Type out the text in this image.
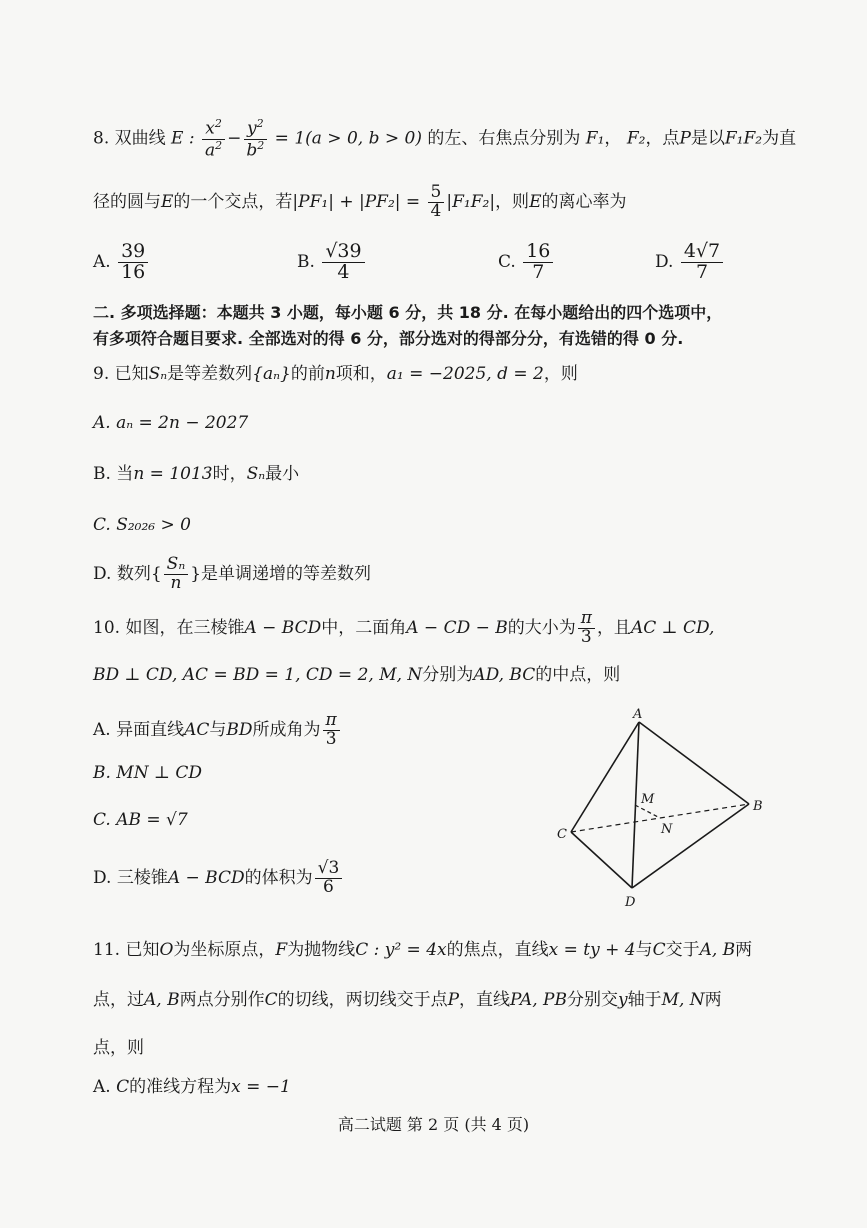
8. 双曲线 E : $\frac{x^2}{a^2} - \frac{y^2}{b^2} = 1(a > 0$, b > 0) 的左、右焦点分别为 F₁， F₂，点P是以F₁F₂为直
径的圆与E的一个交点，若$|PF_1| + |PF_2| = \frac{5}{4} |F_1F_2|$，则E的离心率为
A. $\frac{39}{16}$	B. $\frac{√39}{4}$	C. $\frac{16}{7}$	D. $\frac{4√7}{7}$
二. 多项选择题：本题共 3 小题，每小题 6 分，共 18 分. 在每小题给出的四个选项中，
有多项符合题目要求. 全部选对的得 6 分，部分选对的得部分分，有选错的得 0 分.
9. 已知Sₙ是等差数列{aₙ}的前n项和，a₁ = −2025, d = 2，则
A. aₙ = 2n − 2027
B. 当n = 1013时，Sₙ最小
C. S₂₀₂₆ > 0
D. 数列{ $\frac{\text{Sₙ}}{n}$ }是单调递增的等差数列
10. 如图，在三棱锥A − BCD中，二面角A − CD − B的大小为 $\frac{\pi}{3}$ ，且AC ⊥ CD,
BD ⊥ CD, AC = BD = 1, CD = 2, M, N分别为AD, BC的中点，则
A. 异面直线AC与BD所成角为 $\frac{\pi}{3}$
B. MN ⊥ CD
C. AB = √7
D. 三棱锥A − BCD的体积为 $\frac{√3}{6}$
A
B
C
D
M
N
11. 已知O为坐标原点，F为抛物线C : y² = 4x的焦点，直线x = ty + 4与C交于A, B两
点，过A, B两点分别作C的切线，两切线交于点P，直线PA, PB分别交y轴于M, N两
点，则
A. C的准线方程为x = −1
高二试题 第 2 页 (共 4 页)
